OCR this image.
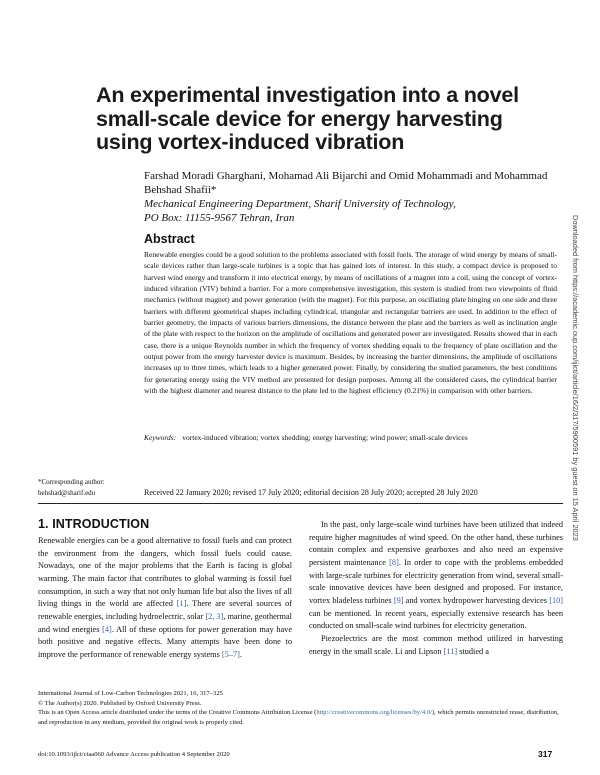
An experimental investigation into a novel small-scale device for energy harvesting using vortex-induced vibration
Farshad Moradi Gharghani, Mohamad Ali Bijarchi and Omid Mohammadi and Mohammad Behshad Shafii*
Mechanical Engineering Department, Sharif University of Technology,
PO Box: 11155-9567 Tehran, Iran
Abstract

Renewable energies could be a good solution to the problems associated with fossil fuels. The storage of wind energy by means of small-scale devices rather than large-scale turbines is a topic that has gained lots of interest. In this study, a compact device is proposed to harvest wind energy and transform it into electrical energy, by means of oscillations of a magnet into a coil, using the concept of vortex-induced vibration (VIV) behind a barrier. For a more comprehensive investigation, this system is studied from two viewpoints of fluid mechanics (without magnet) and power generation (with the magnet). For this purpose, an oscillating plate hinging on one side and three barriers with different geometrical shapes including cylindrical, triangular and rectangular barriers are used. In addition to the effect of barrier geometry, the impacts of various barriers dimensions, the distance between the plate and the barriers as well as inclination angle of the plate with respect to the horizon on the amplitude of oscillations and generated power are investigated. Results showed that in each case, there is a unique Reynolds number in which the frequency of vortex shedding equals to the frequency of plate oscillation and the output power from the energy harvester device is maximum. Besides, by increasing the barrier dimensions, the amplitude of oscillations increases up to three times, which leads to a higher generated power. Finally, by considering the studied parameters, the best conditions for generating energy using the VIV method are presented for design purposes. Among all the considered cases, the cylindrical barrier with the highest diameter and nearest distance to the plate led to the highest efficiency (0.21%) in comparison with other barriers.

Keywords: vortex-induced vibration; vortex shedding; energy harvesting; wind power; small-scale devices
*Corresponding author:
behshad@sharif.edu	Received 22 January 2020; revised 17 July 2020; editorial decision 28 July 2020; accepted 28 July 2020
1. INTRODUCTION

Renewable energies can be a good alternative to fossil fuels and can protect the environment from the dangers, which fossil fuels could cause. Nowadays, one of the major problems that the Earth is facing is global warming. The main factor that contributes to global warming is fossil fuel consumption, in such a way that not only human life but also the lives of all living things in the world are affected [1]. There are several sources of renewable energies, including hydroelectric, solar [2, 3], marine, geothermal and wind energies [4]. All of these options for power generation may have both positive and negative effects. Many attempts have been done to improve the performance of renewable energy systems [5–7].

In the past, only large-scale wind turbines have been utilized that indeed require higher magnitudes of wind speed. On the other hand, these turbines contain complex and expensive gearboxes and also need an expensive persistent maintenance [8]. In order to cope with the problems embedded with large-scale turbines for electricity generation from wind, several small-scale innovative devices have been designed and proposed. For instance, vortex bladeless turbines [9] and vortex hydropower harvesting devices [10] can be mentioned. In recent years, especially extensive research has been conducted on small-scale wind turbines for electricity generation.

Piezoelectrics are the most common method utilized in harvesting energy in the small scale. Li and Lipson [11] studied a

International Journal of Low-Carbon Technologies 2021, 16, 317–325
© The Author(s) 2020. Published by Oxford University Press.
This is an Open Access article distributed under the terms of the Creative Commons Attribution License (http://creativecommons.org/licenses/by/4.0/), which permits unrestricted reuse, distribution, and reproduction in any medium, provided the original work is properly cited.
doi:10.1093/ijlct/ctaa060 Advance Access publication 4 September 2020	317
Downloaded from https://academic.oup.com/ijlct/article/16/2/317/5900591 by guest on 15 April 2023
